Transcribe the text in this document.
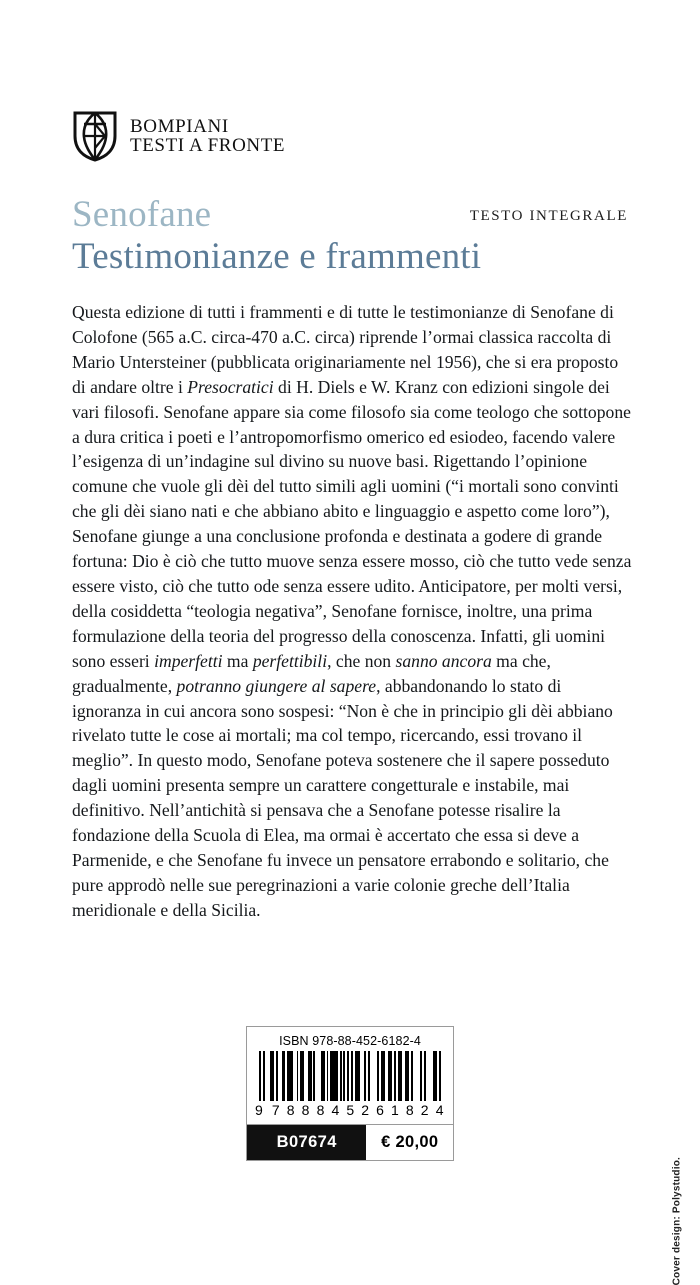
BOMPIANI
TESTI A FRONTE
Senofane	TESTO INTEGRALE
Testimonianze e frammenti

Questa edizione di tutti i frammenti e di tutte le testimonianze di Senofane di Colofone (565 a.C. circa-470 a.C. circa) riprende l’ormai classica raccolta di Mario Untersteiner (pubblicata originariamente nel 1956), che si era proposto di andare oltre i Presocratici di H. Diels e W. Kranz con edizioni singole dei vari filosofi. Senofane appare sia come filosofo sia come teologo che sottopone a dura critica i poeti e l’antropomorfismo omerico ed esiodeo, facendo valere l’esigenza di un’indagine sul divino su nuove basi. Rigettando l’opinione comune che vuole gli dèi del tutto simili agli uomini (“i mortali sono convinti che gli dèi siano nati e che abbiano abito e linguaggio e aspetto come loro”), Senofane giunge a una conclusione profonda e destinata a godere di grande fortuna: Dio è ciò che tutto muove senza essere mosso, ciò che tutto vede senza essere visto, ciò che tutto ode senza essere udito. Anticipatore, per molti versi, della cosiddetta “teologia negativa”, Senofane fornisce, inoltre, una prima formulazione della teoria del progresso della conoscenza. Infatti, gli uomini sono esseri imperfetti ma perfettibili, che non sanno ancora ma che, gradualmente, potranno giungere al sapere, abbandonando lo stato di ignoranza in cui ancora sono sospesi: “Non è che in principio gli dèi abbiano rivelato tutte le cose ai mortali; ma col tempo, ricercando, essi trovano il meglio”. In questo modo, Senofane poteva sostenere che il sapere posseduto dagli uomini presenta sempre un carattere congetturale e instabile, mai definitivo. Nell’antichità si pensava che a Senofane potesse risalire la fondazione della Scuola di Elea, ma ormai è accertato che essa si deve a Parmenide, e che Senofane fu invece un pensatore errabondo e solitario, che pure approdò nelle sue peregrinazioni a varie colonie greche dell’Italia meridionale e della Sicilia.

ISBN 978-88-452-6182-4
9 7 8 8 8 4 5 2 6 1 8 2 4
B07674	€ 20,00
Cover design: Polystudio.
